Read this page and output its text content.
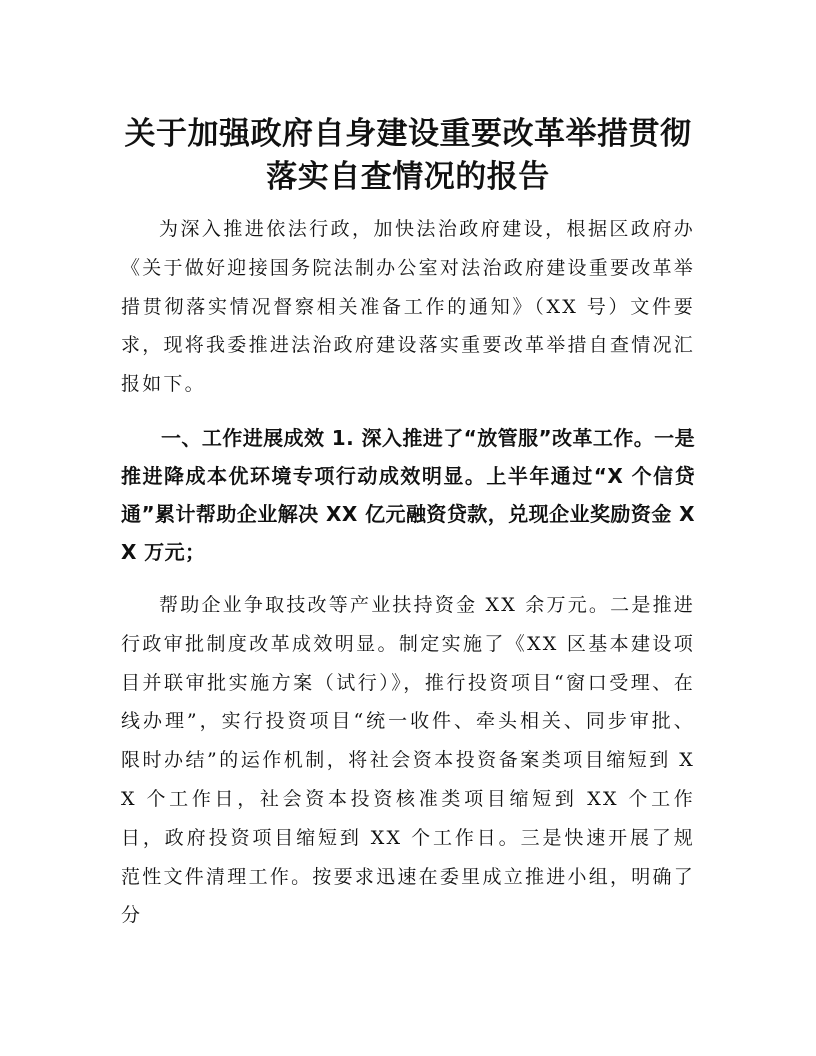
关于加强政府自身建设重要改革举措贯彻落实自查情况的报告

为深入推进依法行政，加快法治政府建设，根据区政府办《关于做好迎接国务院法制办公室对法治政府建设重要改革举措贯彻落实情况督察相关准备工作的通知》（XX 号）文件要求，现将我委推进法治政府建设落实重要改革举措自查情况汇报如下。

一、工作进展成效 1. 深入推进了“放管服”改革工作。一是推进降成本优环境专项行动成效明显。上半年通过“X 个信贷通”累计帮助企业解决 XX 亿元融资贷款，兑现企业奖励资金 XX 万元；

帮助企业争取技改等产业扶持资金 XX 余万元。二是推进行政审批制度改革成效明显。制定实施了《XX 区基本建设项目并联审批实施方案（试行）》，推行投资项目“窗口受理、在线办理”，实行投资项目“统一收件、牵头相关、同步审批、限时办结”的运作机制，将社会资本投资备案类项目缩短到 XX 个工作日，社会资本投资核准类项目缩短到 XX 个工作日，政府投资项目缩短到 XX 个工作日。三是快速开展了规范性文件清理工作。按要求迅速在委里成立推进小组，明确了分
